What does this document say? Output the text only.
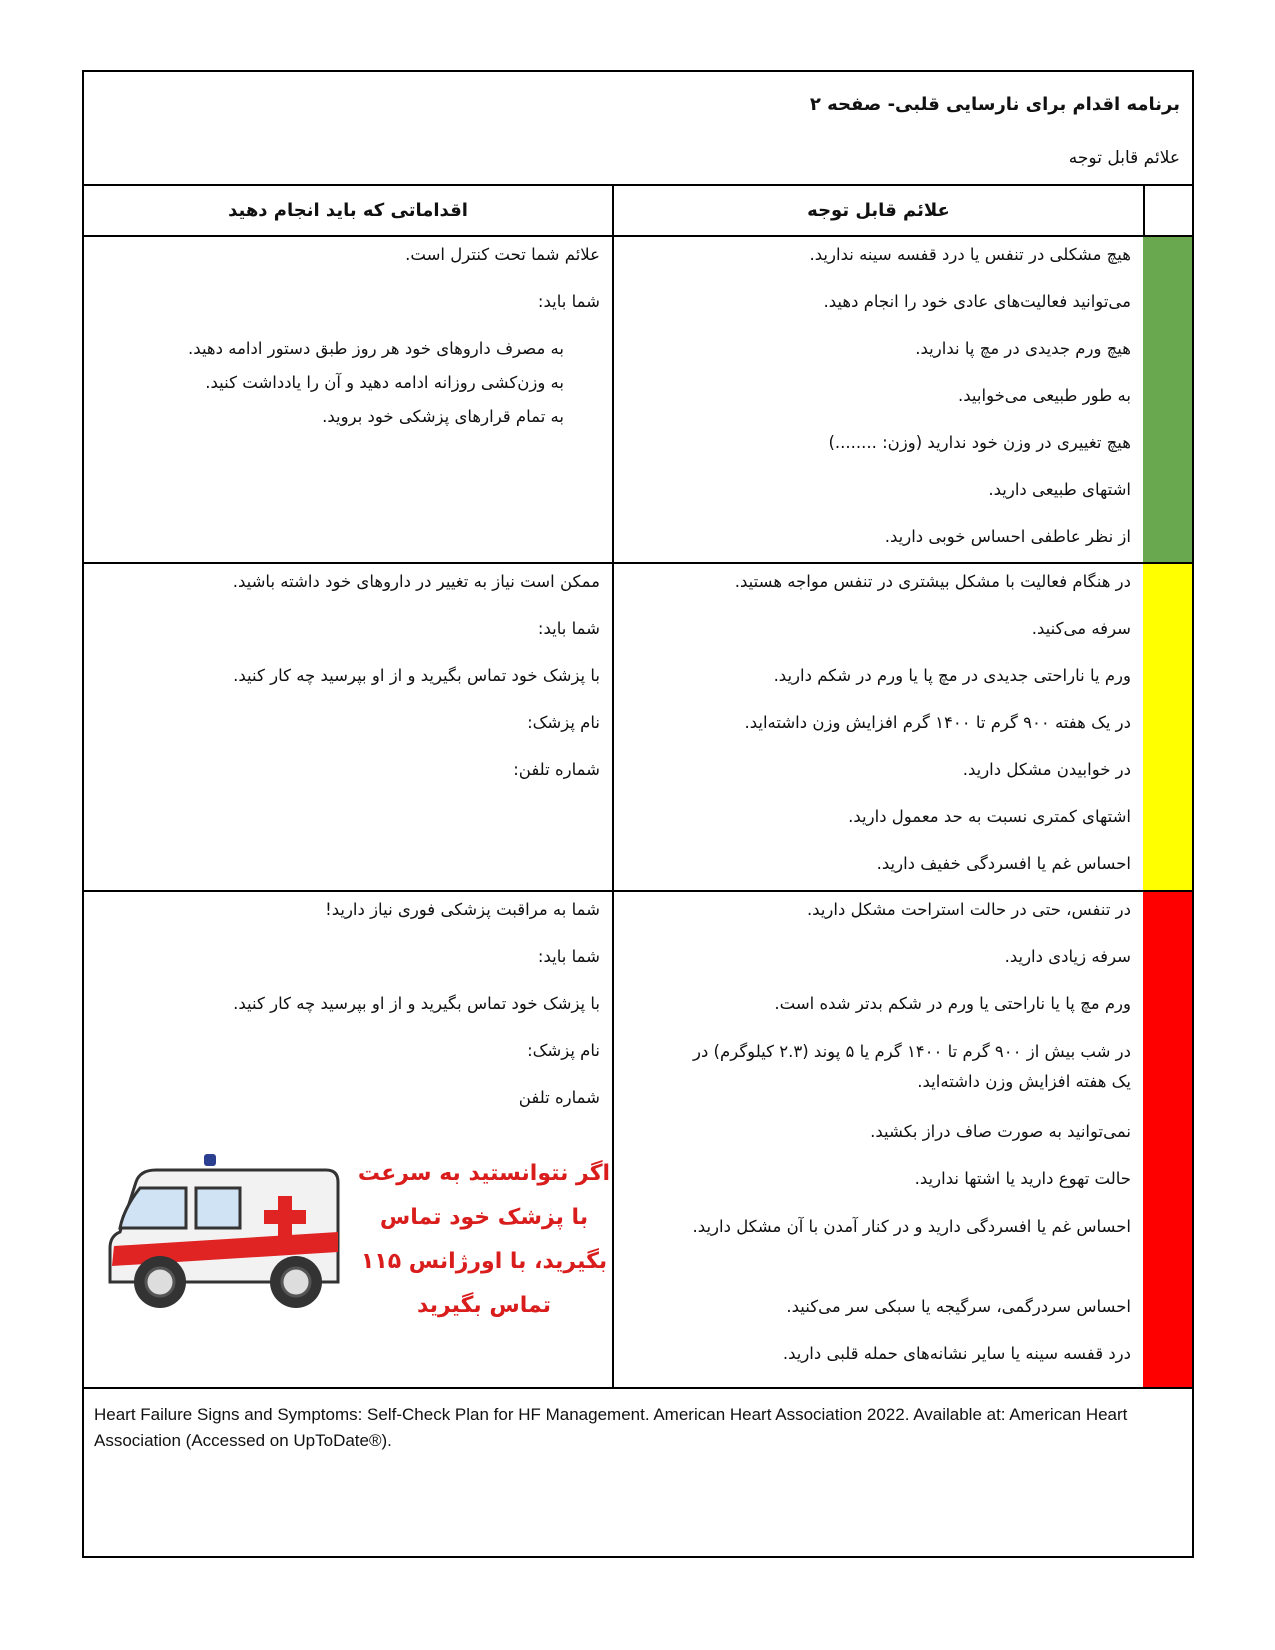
برنامه اقدام برای نارسایی قلبی- صفحه ۲
علائم قابل توجه
علائم قابل توجه
اقداماتی که باید انجام دهید

هیچ مشکلی در تنفس یا درد قفسه سینه ندارید.

می‌توانید فعالیت‌های عادی خود را انجام دهید.

هیچ ورم جدیدی در مچ پا ندارید.

به طور طبیعی می‌خوابید.

هیچ تغییری در وزن خود ندارید (وزن: ........)

اشتهای طبیعی دارید.

از نظر عاطفی احساس خوبی دارید.

علائم شما تحت کنترل است.

شما باید:

به مصرف داروهای خود هر روز طبق دستور ادامه دهید.

به وزن‌کشی روزانه ادامه دهید و آن را یادداشت کنید.

به تمام قرارهای پزشکی خود بروید.

در هنگام فعالیت با مشکل بیشتری در تنفس مواجه هستید.

سرفه می‌کنید.

ورم یا ناراحتی جدیدی در مچ پا یا ورم در شکم دارید.

در یک هفته ۹۰۰ گرم تا ۱۴۰۰ گرم افزایش وزن داشته‌اید.

در خوابیدن مشکل دارید.

اشتهای کمتری نسبت به حد معمول دارید.

احساس غم یا افسردگی خفیف دارید.

ممکن است نیاز به تغییر در داروهای خود داشته باشید.

شما باید:

با پزشک خود تماس بگیرید و از او بپرسید چه کار کنید.

نام پزشک:

شماره تلفن:

در تنفس، حتی در حالت استراحت مشکل دارید.

سرفه زیادی دارید.

ورم مچ پا یا ناراحتی یا ورم در شکم بدتر شده است.

در شب بیش از ۹۰۰ گرم تا ۱۴۰۰ گرم یا ۵ پوند (۲.۳ کیلوگرم) در یک هفته افزایش وزن داشته‌اید.

نمی‌توانید به صورت صاف دراز بکشید.

حالت تهوع دارید یا اشتها ندارید.

احساس غم یا افسردگی دارید و در کنار آمدن با آن مشکل دارید.

احساس سردرگمی، سرگیجه یا سبکی سر می‌کنید.

درد قفسه سینه یا سایر نشانه‌های حمله قلبی دارید.

شما به مراقبت پزشکی فوری نیاز دارید!

شما باید:

با پزشک خود تماس بگیرید و از او بپرسید چه کار کنید.

نام پزشک:

شماره تلفن

اگر نتوانستید به سرعت با پزشک خود تماس بگیرید، با اورژانس ۱۱۵ تماس بگیرید
Heart Failure Signs and Symptoms: Self-Check Plan for HF Management. American Heart Association 2022. Available at: American Heart Association (Accessed on UpToDate®).
